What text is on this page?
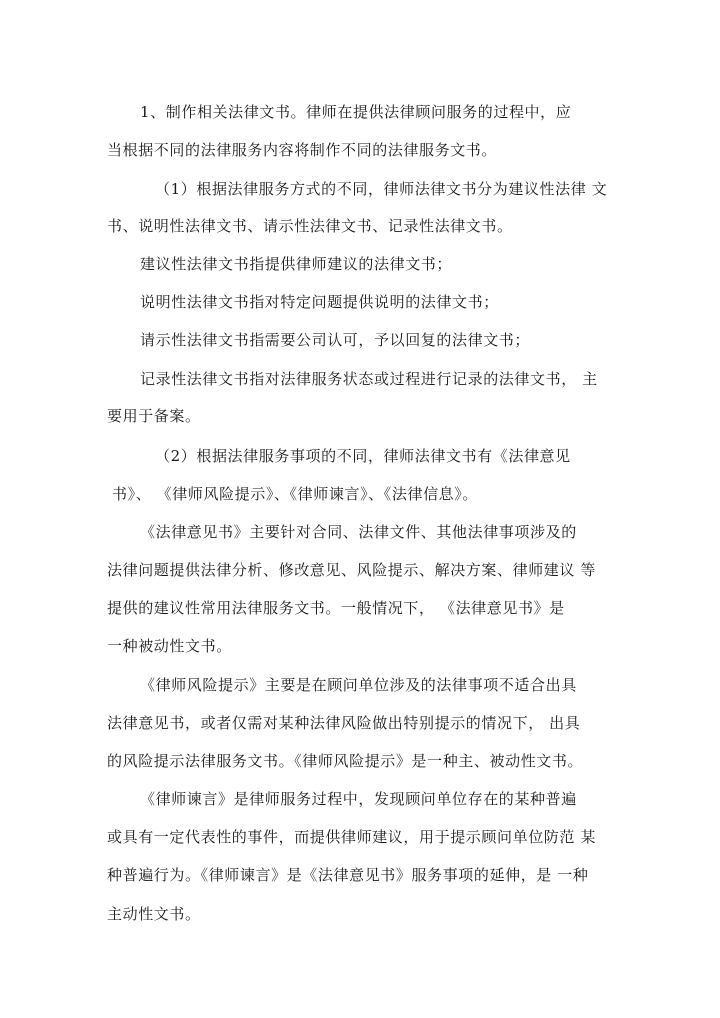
1、制作相关法律文书。律师在提供法律顾问服务的过程中，应
当根据不同的法律服务内容将制作不同的法律服务文书。
（1）根据法律服务方式的不同，律师法律文书分为建议性法律 文
书、说明性法律文书、请示性法律文书、记录性法律文书。
建议性法律文书指提供律师建议的法律文书；
说明性法律文书指对特定问题提供说明的法律文书；
请示性法律文书指需要公司认可，予以回复的法律文书；
记录性法律文书指对法律服务状态或过程进行记录的法律文书， 主
要用于备案。
（2）根据法律服务事项的不同，律师法律文书有《法律意见
书》、 《律师风险提示》、《律师谏言》、《法律信息》。
《法律意见书》主要针对合同、法律文件、其他法律事项涉及的
法律问题提供法律分析、修改意见、风险提示、解决方案、律师建议 等
提供的建议性常用法律服务文书。一般情况下， 《法律意见书》是
一种被动性文书。
《律师风险提示》主要是在顾问单位涉及的法律事项不适合出具
法律意见书，或者仅需对某种法律风险做出特别提示的情况下， 出具
的风险提示法律服务文书。《律师风险提示》是一种主、被动性文书。
《律师谏言》是律师服务过程中，发现顾问单位存在的某种普遍
或具有一定代表性的事件，而提供律师建议，用于提示顾问单位防范 某
种普遍行为。《律师谏言》是《法律意见书》服务事项的延伸，是 一种
主动性文书。
